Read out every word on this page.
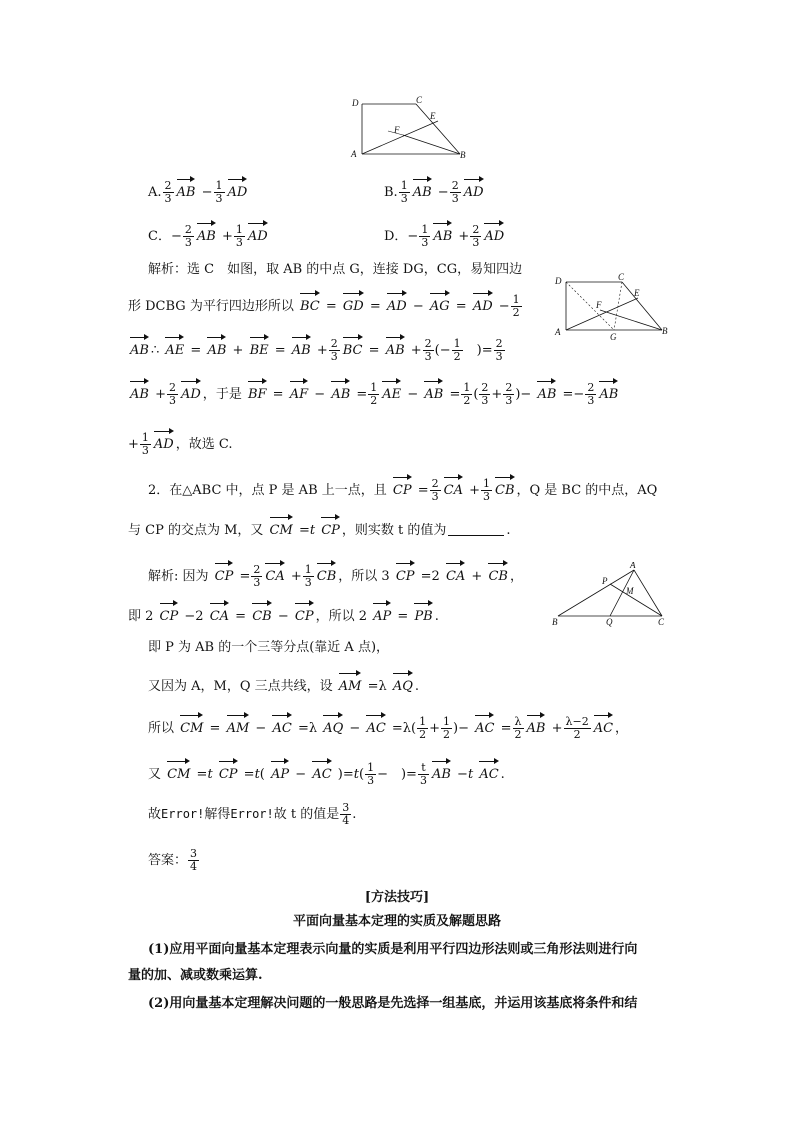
D	C
E
F
A	B
A. $\frac{2}{3}$ AB − $\frac{1}{3}$ AD	B. $\frac{1}{3}$ AB − $\frac{2}{3}$ AD
C．− $\frac{2}{3}$ AB + $\frac{1}{3}$ AD	D．− $\frac{1}{3}$ AB + $\frac{2}{3}$ AD
D	C
E
F
A	G
B
解析：选 C　如图，取 AB 的中点 G，连接 DG，CG，易知四边
形 DCBG 为平行四边形所以 BC = GD = AD − AG = AD − $\frac{1}{2}$
AB ∴ AE = AB + BE = AB + $\frac{2}{3}$ BC = AB + $\frac{2}{3}$ (− $\frac{1}{2}$ 　)= $\frac{2}{3}$
AB + $\frac{2}{3}$ AD ，于是 BF = AF − AB = $\frac{1}{2}$ AE − AB = $\frac{1}{2}$ ( $\frac{2}{3} + \frac{2}{3}$ )− AB =− $\frac{2}{3}$ AB
+ $\frac{1}{3}$ AD ，故选 C.
2．在△ABC 中，点 P 是 AB 上一点，且 CP = $\frac{2}{3}$ CA + $\frac{1}{3}$ CB ，Q 是 BC 的中点，AQ
与 CP 的交点为 M，又 CM =t CP ，则实数 t 的值为	.
P
A
M
B	Q	C
解析: 因为 CP = $\frac{2}{3}$ CA + $\frac{1}{3}$ CB ，所以 3 CP =2 CA + CB ，
即 2 CP −2 CA = CB − CP ，所以 2 AP = PB .
即 P 为 AB 的一个三等分点(靠近 A 点)，
又因为 A，M，Q 三点共线，设 AM =λ AQ .
所以 CM = AM − AC =λ AQ − AC $=\lambda( \frac{1}{2} + \frac{1}{2}$ )− AC = $\frac{\lambda}{2}$ AB + $\frac{\lambda-2}{2}$ AC ，
又 CM =t CP =t( AP − AC )$=t( \frac{1}{3}$ −　)= $\frac{t}{3}$ AB −t AC .
故Error!解得Error!故 t 的值是 $\frac{3}{4}$ .
答案： $\frac{3}{4}$
[方法技巧]
平面向量基本定理的实质及解题思路
(1)应用平面向量基本定理表示向量的实质是利用平行四边形法则或三角形法则进行向
量的加、减或数乘运算.
(2)用向量基本定理解决问题的一般思路是先选择一组基底，并运用该基底将条件和结
